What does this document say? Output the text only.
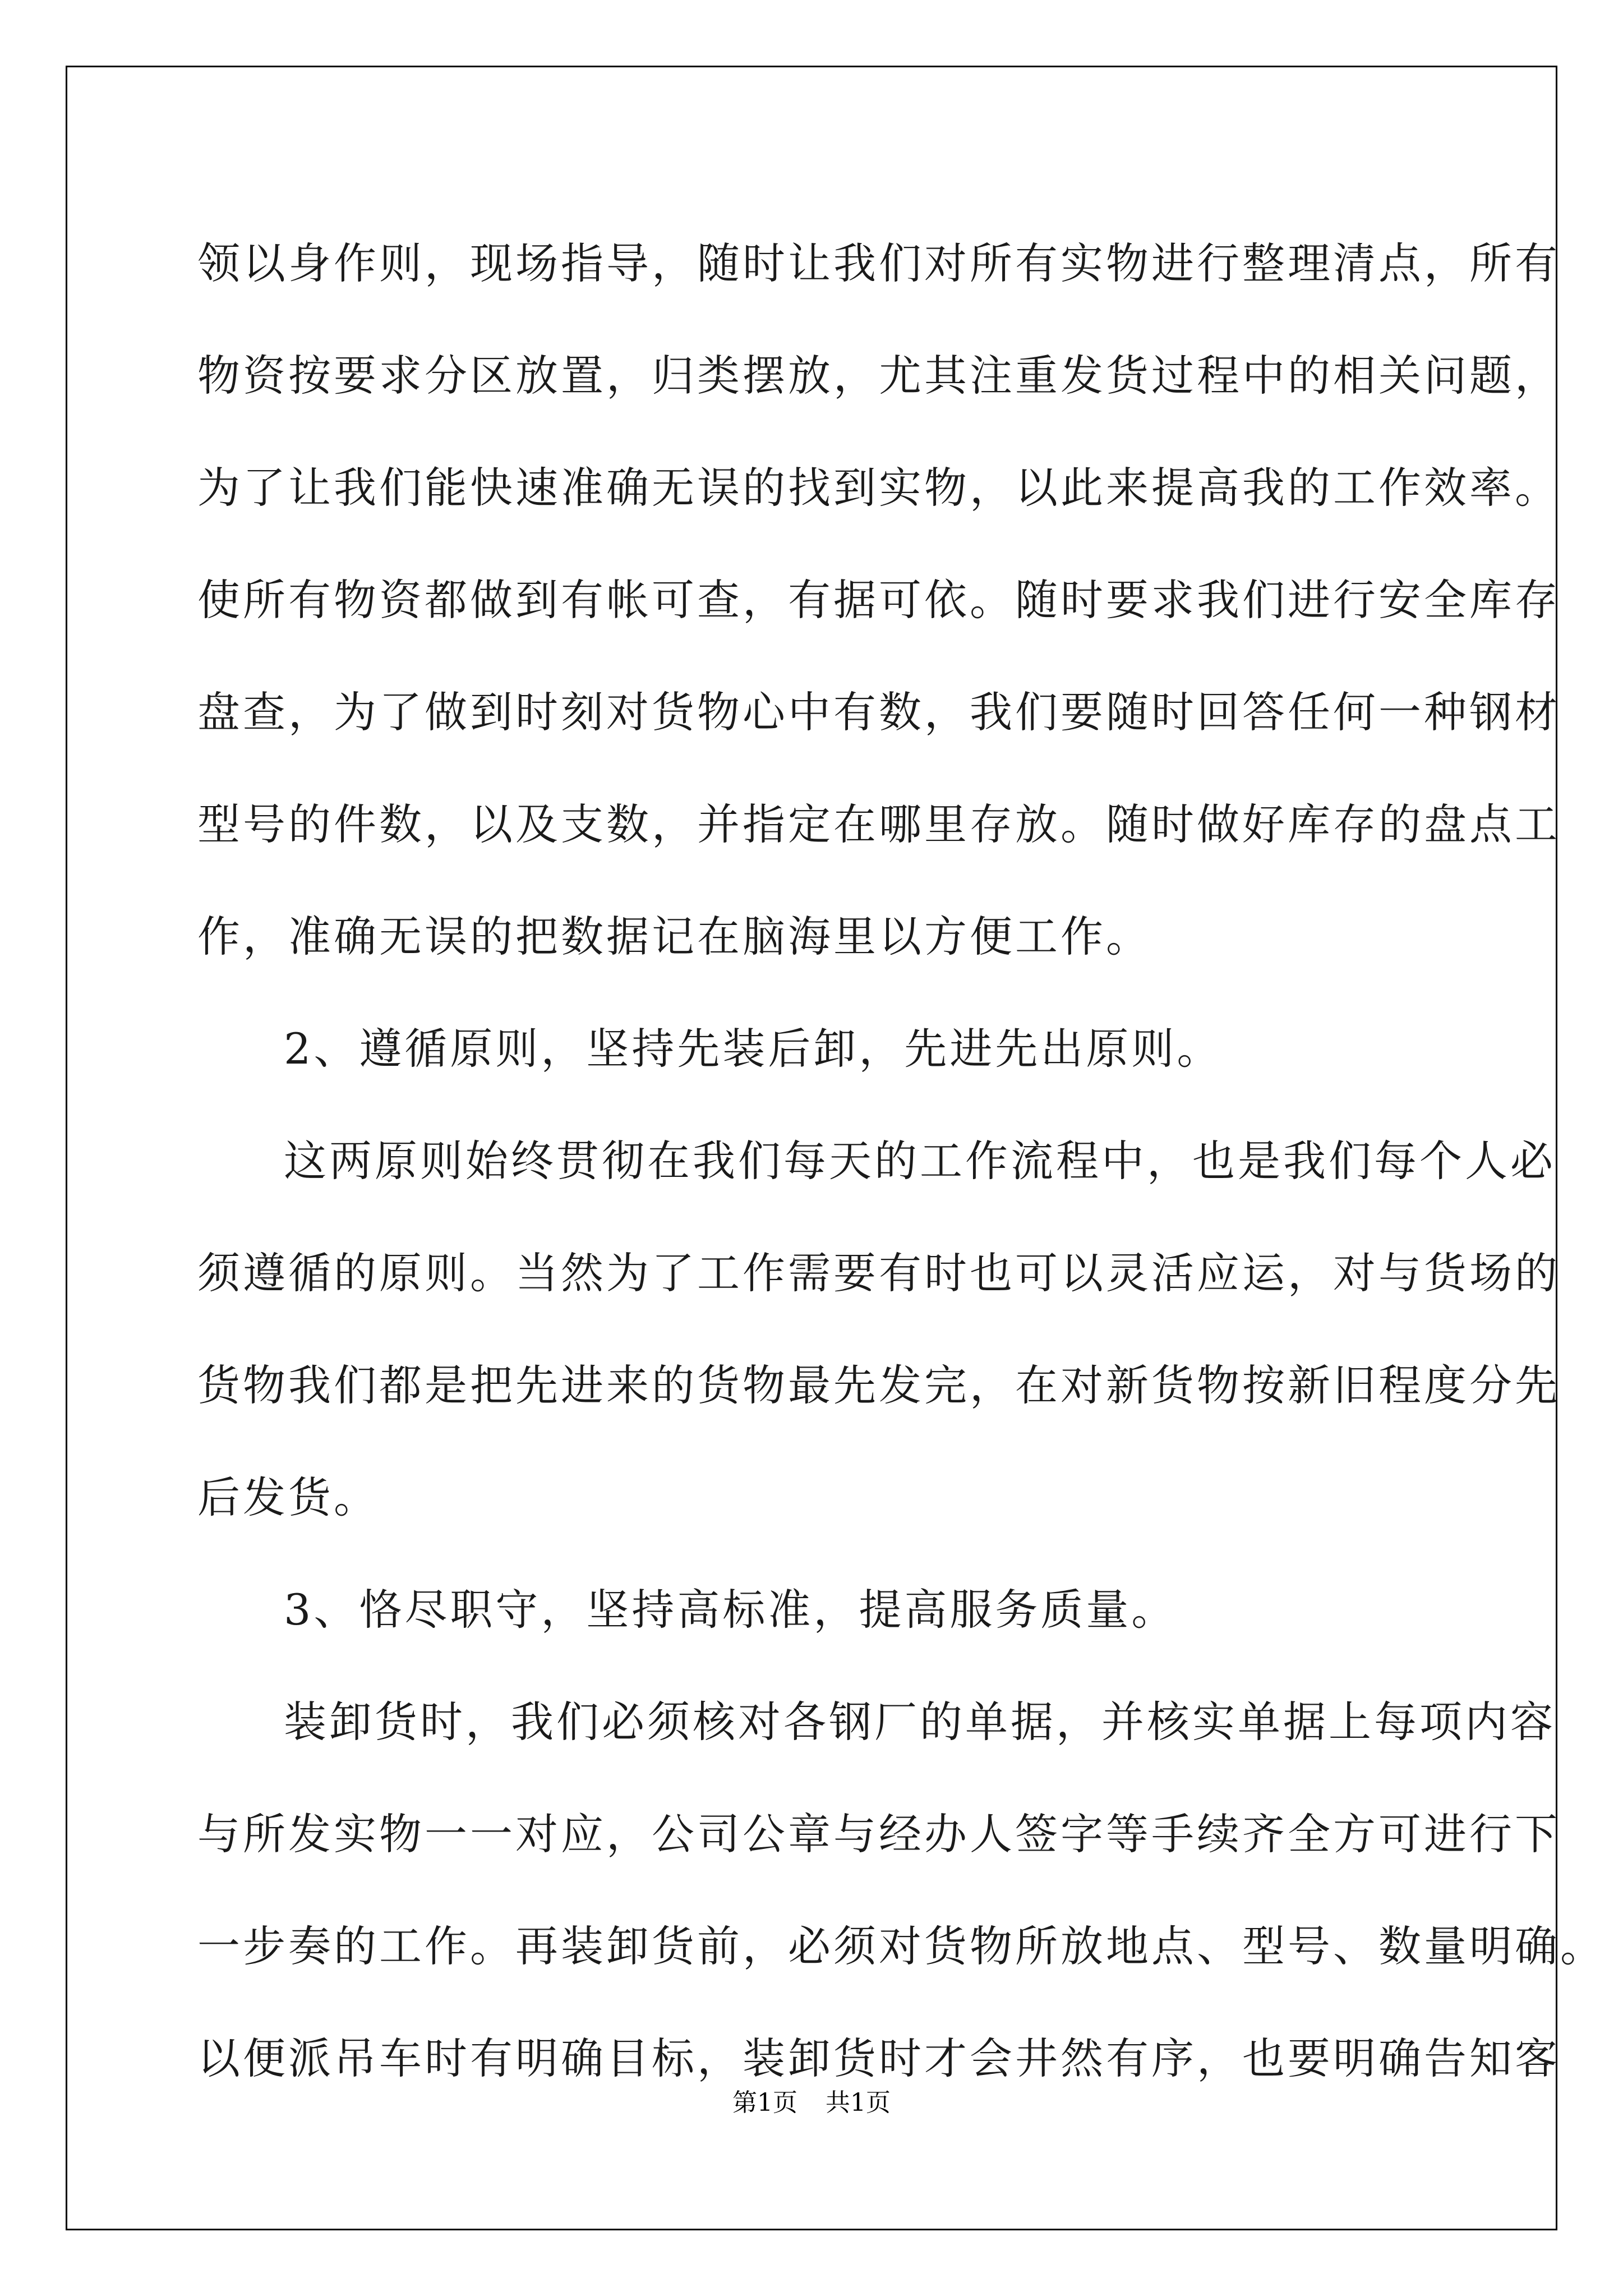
领以身作则，现场指导，随时让我们对所有实物进行整理清点，所有
物资按要求分区放置，归类摆放，尤其注重发货过程中的相关问题，
为了让我们能快速准确无误的找到实物，以此来提高我的工作效率。
使所有物资都做到有帐可查，有据可依。随时要求我们进行安全库存
盘查，为了做到时刻对货物心中有数，我们要随时回答任何一种钢材
型号的件数，以及支数，并指定在哪里存放。随时做好库存的盘点工
作，准确无误的把数据记在脑海里以方便工作。
2、遵循原则，坚持先装后卸，先进先出原则。
这两原则始终贯彻在我们每天的工作流程中，也是我们每个人必
须遵循的原则。当然为了工作需要有时也可以灵活应运，对与货场的
货物我们都是把先进来的货物最先发完，在对新货物按新旧程度分先
后发货。
3、恪尽职守，坚持高标准，提高服务质量。
装卸货时，我们必须核对各钢厂的单据，并核实单据上每项内容
与所发实物一一对应，公司公章与经办人签字等手续齐全方可进行下
一步奏的工作。再装卸货前，必须对货物所放地点、型号、数量明确。
以便派吊车时有明确目标，装卸货时才会井然有序，也要明确告知客
第1页 共1页
